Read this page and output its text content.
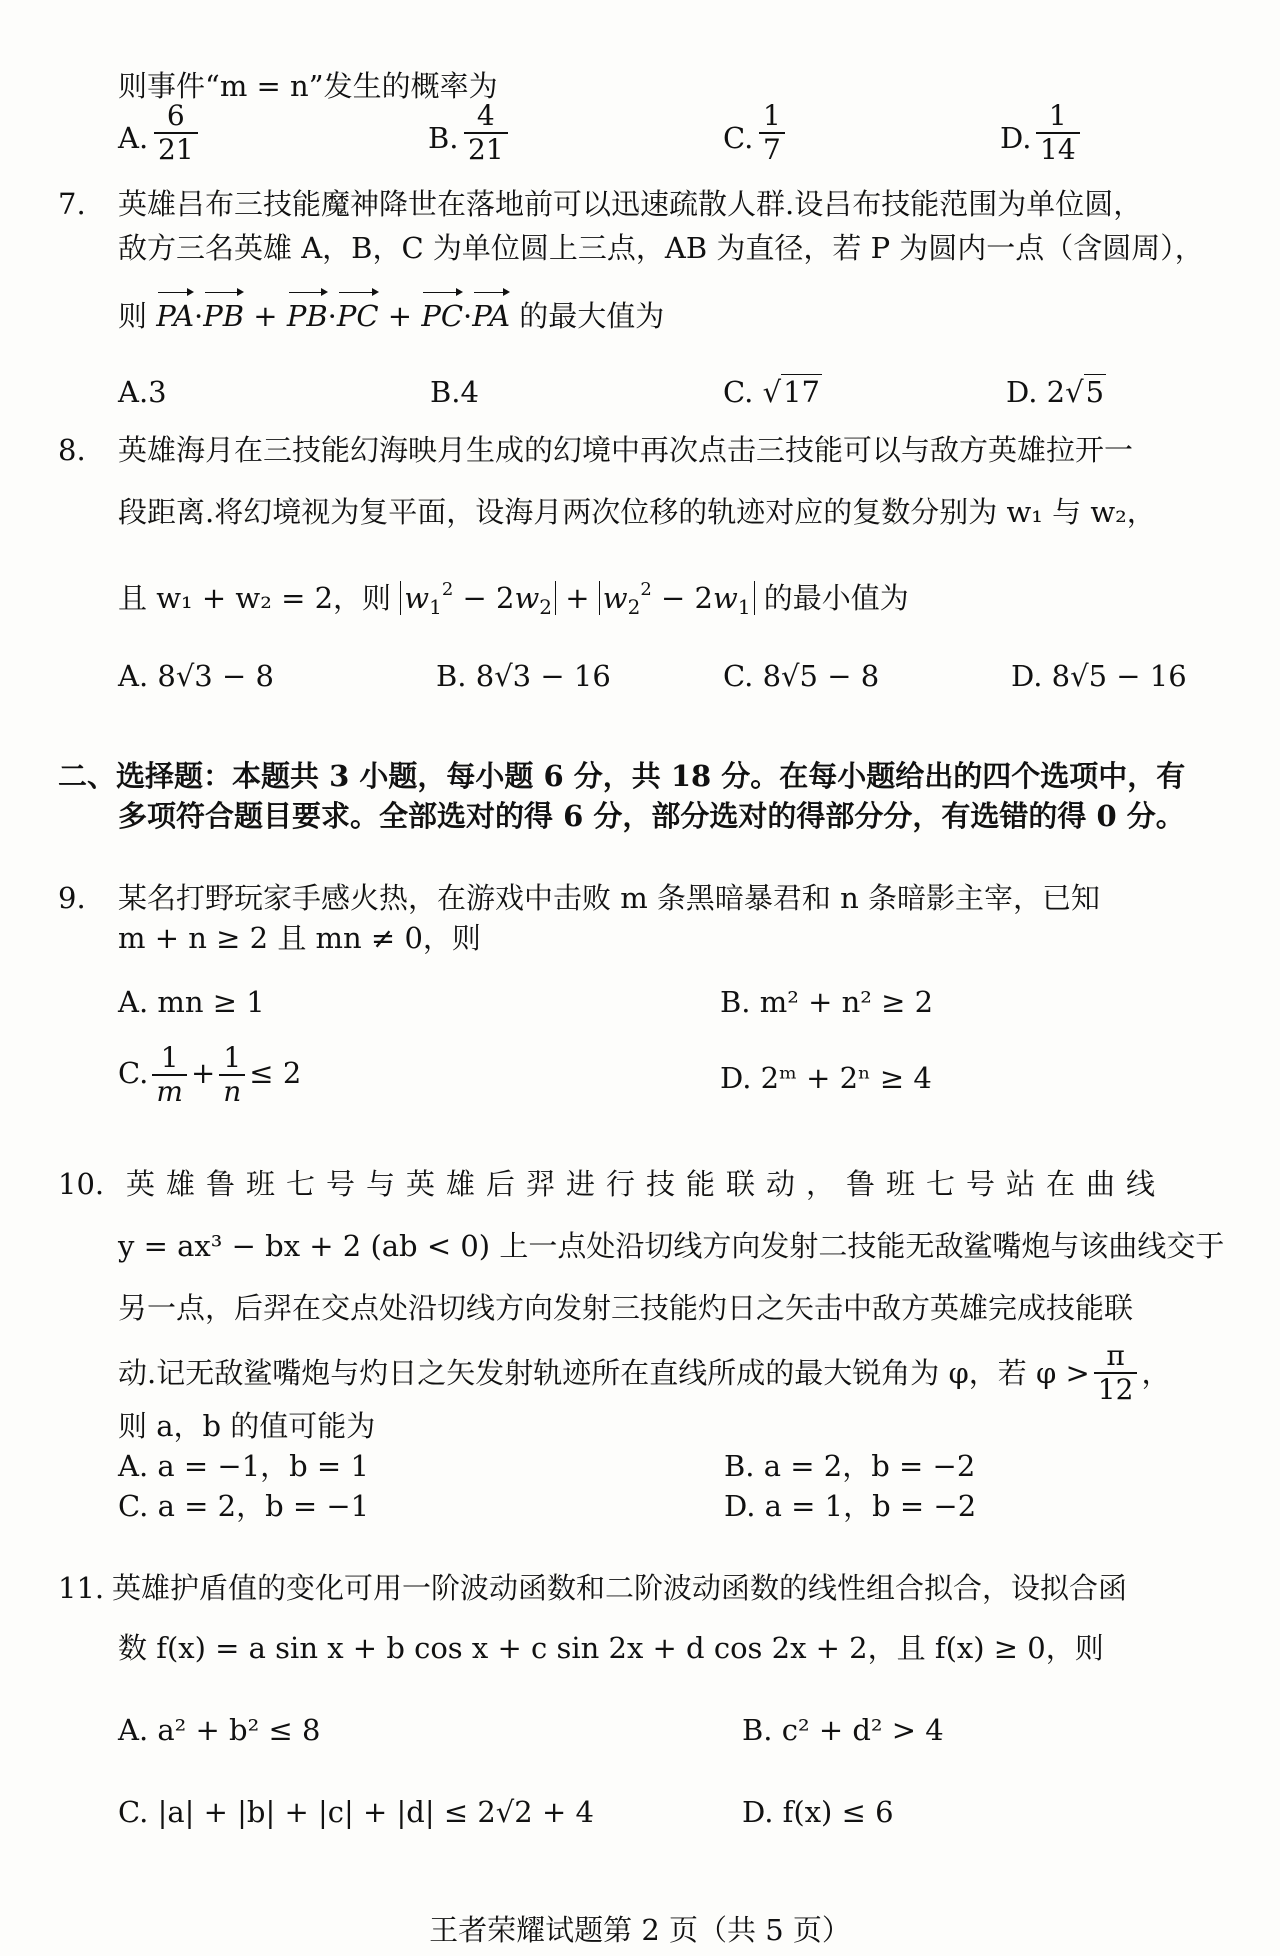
则事件“m = n”发生的概率为
A. $\frac{6}{21}$	B. $\frac{4}{21}$	C. $\frac{1}{7}$	D. $\frac{1}{14}$
7. 英雄吕布三技能魔神降世在落地前可以迅速疏散人群.设吕布技能范围为单位圆，
敌方三名英雄 A，B，C 为单位圆上三点，AB 为直径，若 P 为圆内一点（含圆周），
则 PA·PB + PB·PC + PC·PA 的最大值为
A.3	B.4	C. √17	D. 2√5
8. 英雄海月在三技能幻海映月生成的幻境中再次点击三技能可以与敌方英雄拉开一
段距离.将幻境视为复平面，设海月两次位移的轨迹对应的复数分别为 w₁ 与 w₂，
且 w₁ + w₂ = 2，则 $w_1^2 - 2w_2 + w_2^2 - 2w_1$ 的最小值为
A. 8√3 − 8	B. 8√3 − 16	C. 8√5 − 8	D. 8√5 − 16
二、选择题：本题共 3 小题，每小题 6 分，共 18 分。在每小题给出的四个选项中，有
多项符合题目要求。全部选对的得 6 分，部分选对的得部分分，有选错的得 0 分。
9. 某名打野玩家手感火热，在游戏中击败 m 条黑暗暴君和 n 条暗影主宰，已知
m + n ≥ 2 且 mn ≠ 0，则
A. mn ≥ 1	B. m² + n² ≥ 2
C. $\frac{1}{m} + \frac{1}{n} \le 2$	D. 2ᵐ + 2ⁿ ≥ 4
10. 英雄鲁班七号与英雄后羿进行技能联动，鲁班七号站在曲线
y = ax³ − bx + 2 (ab < 0) 上一点处沿切线方向发射二技能无敌鲨嘴炮与该曲线交于
另一点，后羿在交点处沿切线方向发射三技能灼日之矢击中敌方英雄完成技能联
动.记无敌鲨嘴炮与灼日之矢发射轨迹所在直线所成的最大锐角为 φ，若 $\varphi > \frac{\pi}{12}$ ，
则 a，b 的值可能为
A. a = −1，b = 1	B. a = 2，b = −2
C. a = 2，b = −1	D. a = 1，b = −2
11. 英雄护盾值的变化可用一阶波动函数和二阶波动函数的线性组合拟合，设拟合函
数 f(x) = a sin x + b cos x + c sin 2x + d cos 2x + 2，且 f(x) ≥ 0，则
A. a² + b² ≤ 8	B. c² + d² > 4
C. |a| + |b| + |c| + |d| ≤ 2√2 + 4	D. f(x) ≤ 6
王者荣耀试题第 2 页（共 5 页）
